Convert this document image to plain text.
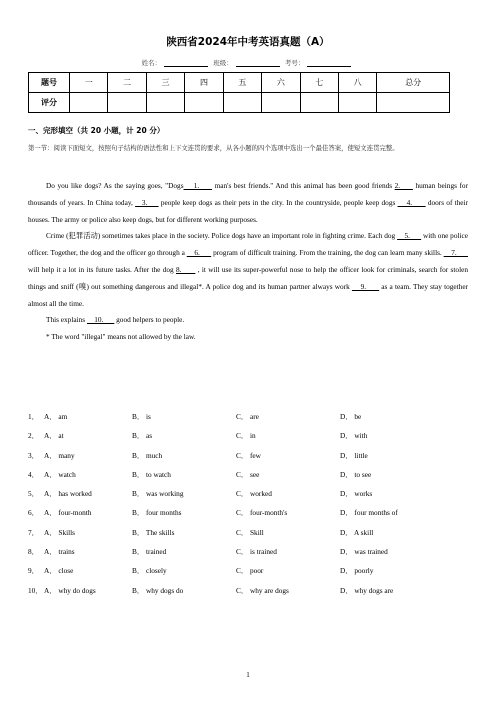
陕西省2024年中考英语真题（A）
姓名：	班级：	考号：
题号	一	二	三	四	五	六	七	八	总分
评分									
一、完形填空（共 20 小题，计 20 分）
第一节：阅读下面短文，按照句子结构的语法性和上下文连贯的要求，从各小题的四个选项中选出一个最佳答案，使短文连贯完整。

Do you like dogs? As the saying goes, "Dogs    1.      man's best friends." And this animal has been good friends 2.      human beings for thousands of years. In China today,    3.      people keep dogs as their pets in the city. In the countryside, people keep dogs     4.       doors of their houses. The army or police also keep dogs, but for different working purposes.

Crime (犯罪活动) sometimes takes place in the society. Police dogs have an important role in fighting crime. Each dog     5.       with one police officer. Together, the dog and the officer go through a     6.       program of difficult training. From the training, the dog can learn many skills.     7.       will help it a lot in its future tasks. After the dog 8.       , it will use its super-powerful nose to help the officer look for criminals, search for stolen things and sniff (嗅) out something dangerous and illegal*. A police dog and its human partner always work     9.       as a team. They stay together almost all the time.

This explains     10.       good helpers to people.

* The word "illegal" means not allowed by the law.

1． A． am	B． is	C． are	D． be
2． A． at	B． as	C． in	D． with
3． A． many	B． much	C． few	D． little
4． A． watch	B． to watch	C． see	D． to see
5． A． has worked	B． was working	C． worked	D． works
6． A． four-month	B． four months	C． four-month's	D． four months of
7． A． Skills	B． The skills	C． Skill	D． A skill
8． A． trains	B． trained	C． is trained	D． was trained
9． A． close	B． closely	C． poor	D． poorly
10． A． why do dogs	B． why dogs do	C． why are dogs	D． why dogs are
1
